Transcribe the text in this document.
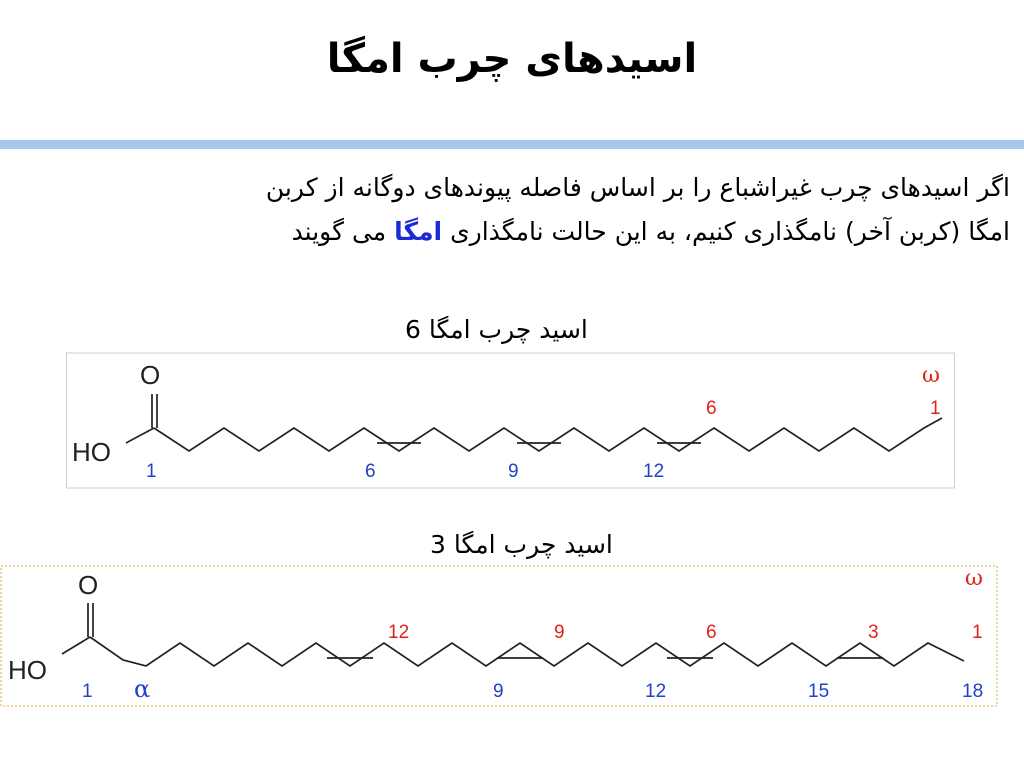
اسیدهای چرب امگا
اگر اسیدهای چرب غیراشباع را بر اساس فاصله پیوندهای دوگانه از کربن
امگا (کربن آخر) نامگذاری کنیم، به این حالت نامگذاری امگا می گویند
اسید چرب امگا 6
O
HO
1	6	9	12
ω
1
6
اسید چرب امگا 3
O
HO
1 α	9	12	15	18
ω
1
3
6
9
12
